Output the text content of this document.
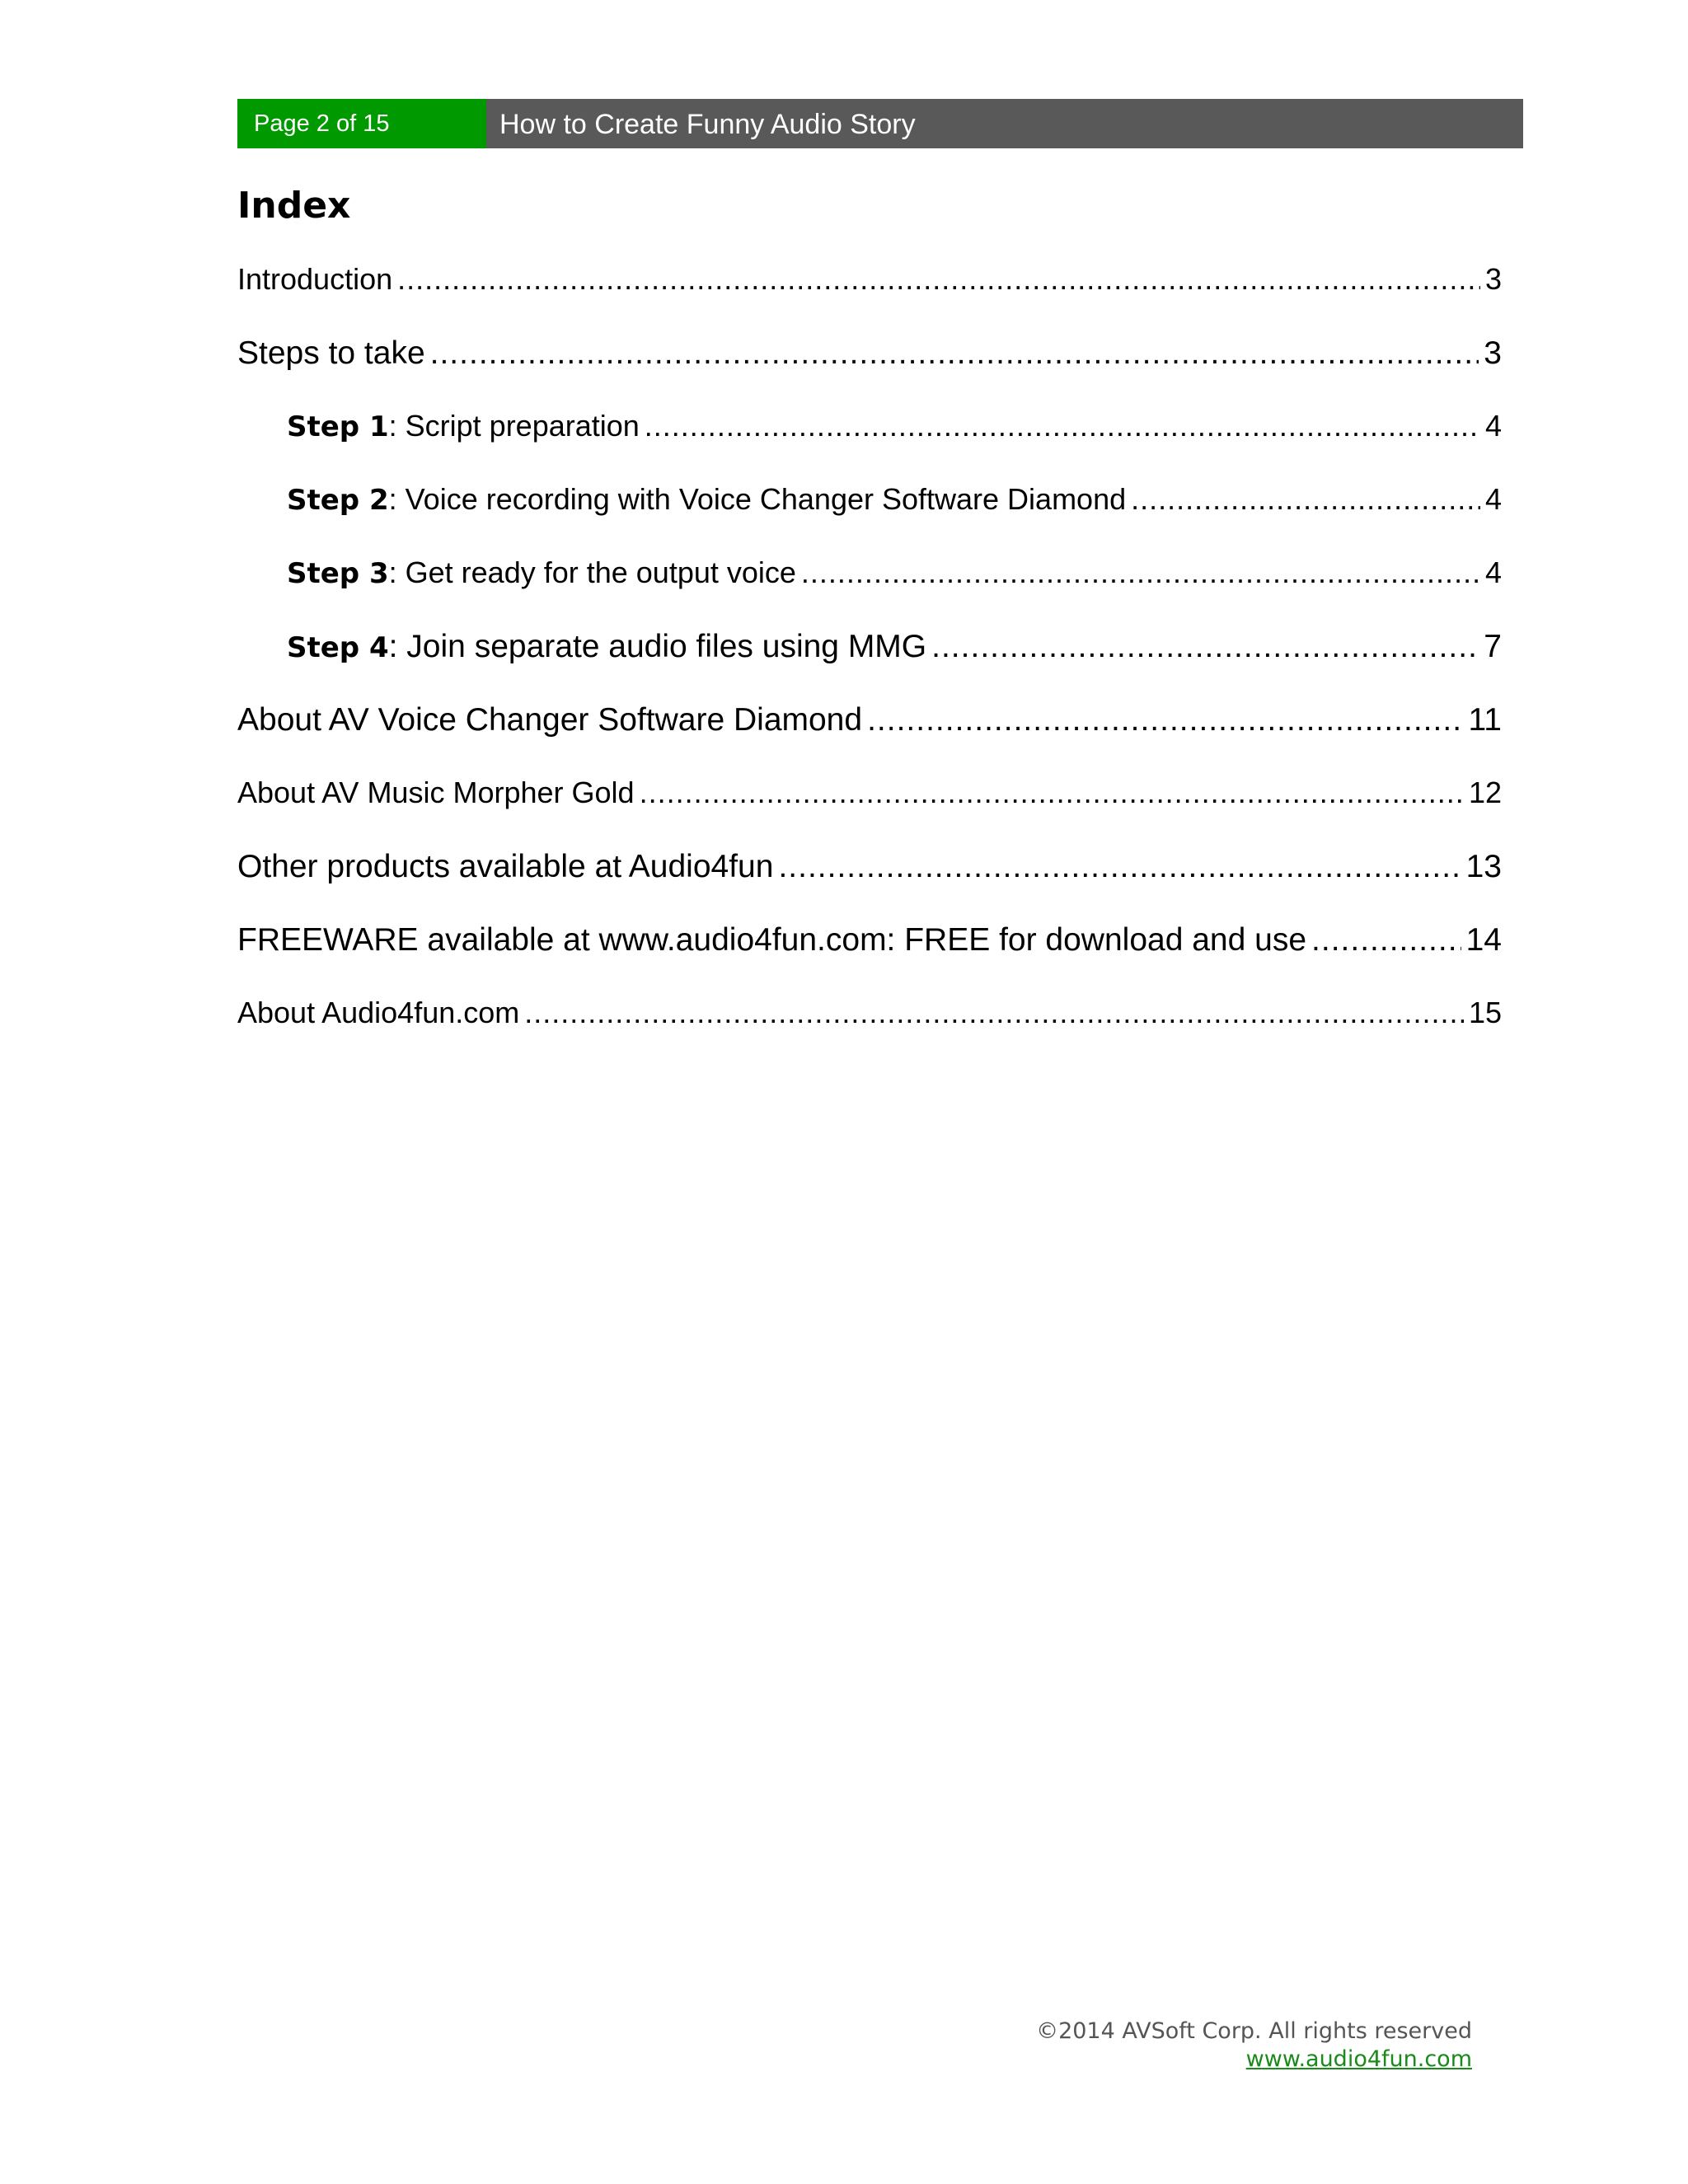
Page 2 of 15	How to Create Funny Audio Story
Index
Introduction .....	3
Steps to take .....	3
Step 1: Script preparation .....	4
Step 2: Voice recording with Voice Changer Software Diamond .....	4
Step 3: Get ready for the output voice .....	4
Step 4: Join separate audio files using MMG .....	7
About AV Voice Changer Software Diamond .....	11
About AV Music Morpher Gold .....	12
Other products available at Audio4fun .....	13
FREEWARE available at www.audio4fun.com: FREE for download and use .....	14
About Audio4fun.com .....	15
©2014 AVSoft Corp. All rights reserved
www.audio4fun.com
